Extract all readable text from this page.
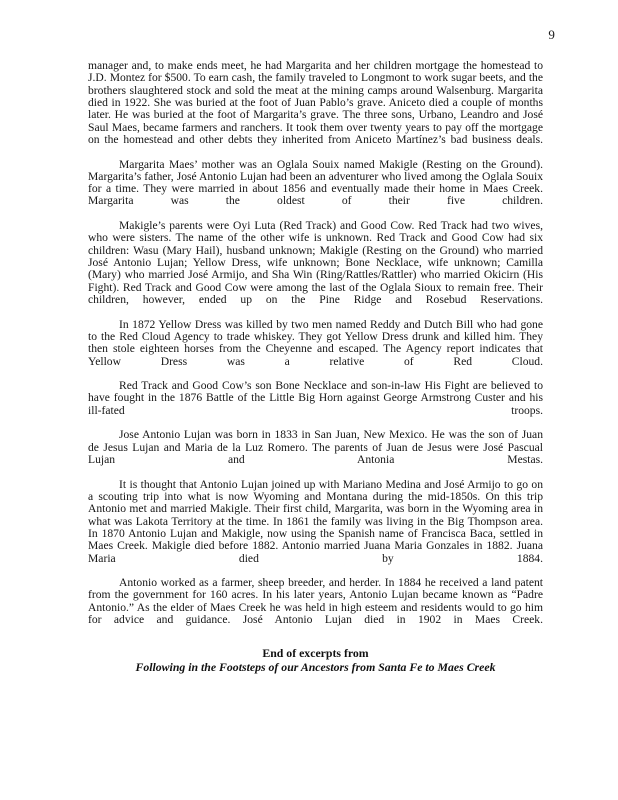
9

manager and, to make ends meet, he had Margarita and her children mortgage the homestead to J.D. Montez for $500. To earn cash, the family traveled to Longmont to work sugar beets, and the brothers slaughtered stock and sold the meat at the mining camps around Walsenburg. Margarita died in 1922. She was buried at the foot of Juan Pablo’s grave. Aniceto died a couple of months later. He was buried at the foot of Margarita’s grave. The three sons, Urbano, Leandro and José Saul Maes, became farmers and ranchers. It took them over twenty years to pay off the mortgage on the homestead and other debts they inherited from Aniceto Martínez’s bad business deals.

Margarita Maes’ mother was an Oglala Souix named Makigle (Resting on the Ground). Margarita’s father, José Antonio Lujan had been an adventurer who lived among the Oglala Souix for a time. They were married in about 1856 and eventually made their home in Maes Creek. Margarita was the oldest of their five children.

Makigle’s parents were Oyi Luta (Red Track) and Good Cow. Red Track had two wives, who were sisters. The name of the other wife is unknown. Red Track and Good Cow had six children: Wasu (Mary Hail), husband unknown; Makigle (Resting on the Ground) who married José Antonio Lujan; Yellow Dress, wife unknown; Bone Necklace, wife unknown; Camilla (Mary) who married José Armijo, and Sha Win (Ring/Rattles/Rattler) who married Okicirn (His Fight). Red Track and Good Cow were among the last of the Oglala Sioux to remain free. Their children, however, ended up on the Pine Ridge and Rosebud Reservations.

In 1872 Yellow Dress was killed by two men named Reddy and Dutch Bill who had gone to the Red Cloud Agency to trade whiskey. They got Yellow Dress drunk and killed him. They then stole eighteen horses from the Cheyenne and escaped. The Agency report indicates that Yellow Dress was a relative of Red Cloud.

Red Track and Good Cow’s son Bone Necklace and son-in-law His Fight are believed to have fought in the 1876 Battle of the Little Big Horn against George Armstrong Custer and his ill-fated troops.

Jose Antonio Lujan was born in 1833 in San Juan, New Mexico. He was the son of Juan de Jesus Lujan and Maria de la Luz Romero. The parents of Juan de Jesus were José Pascual Lujan and Antonia Mestas.

It is thought that Antonio Lujan joined up with Mariano Medina and José Armijo to go on a scouting trip into what is now Wyoming and Montana during the mid-1850s. On this trip Antonio met and married Makigle. Their first child, Margarita, was born in the Wyoming area in what was Lakota Territory at the time. In 1861 the family was living in the Big Thompson area. In 1870 Antonio Lujan and Makigle, now using the Spanish name of Francisca Baca, settled in Maes Creek. Makigle died before 1882. Antonio married Juana Maria Gonzales in 1882. Juana Maria died by 1884.

Antonio worked as a farmer, sheep breeder, and herder. In 1884 he received a land patent from the government for 160 acres. In his later years, Antonio Lujan became known as “Padre Antonio.” As the elder of Maes Creek he was held in high esteem and residents would to go him for advice and guidance. José Antonio Lujan died in 1902 in Maes Creek.

End of excerpts from
Following in the Footsteps of our Ancestors from Santa Fe to Maes Creek
